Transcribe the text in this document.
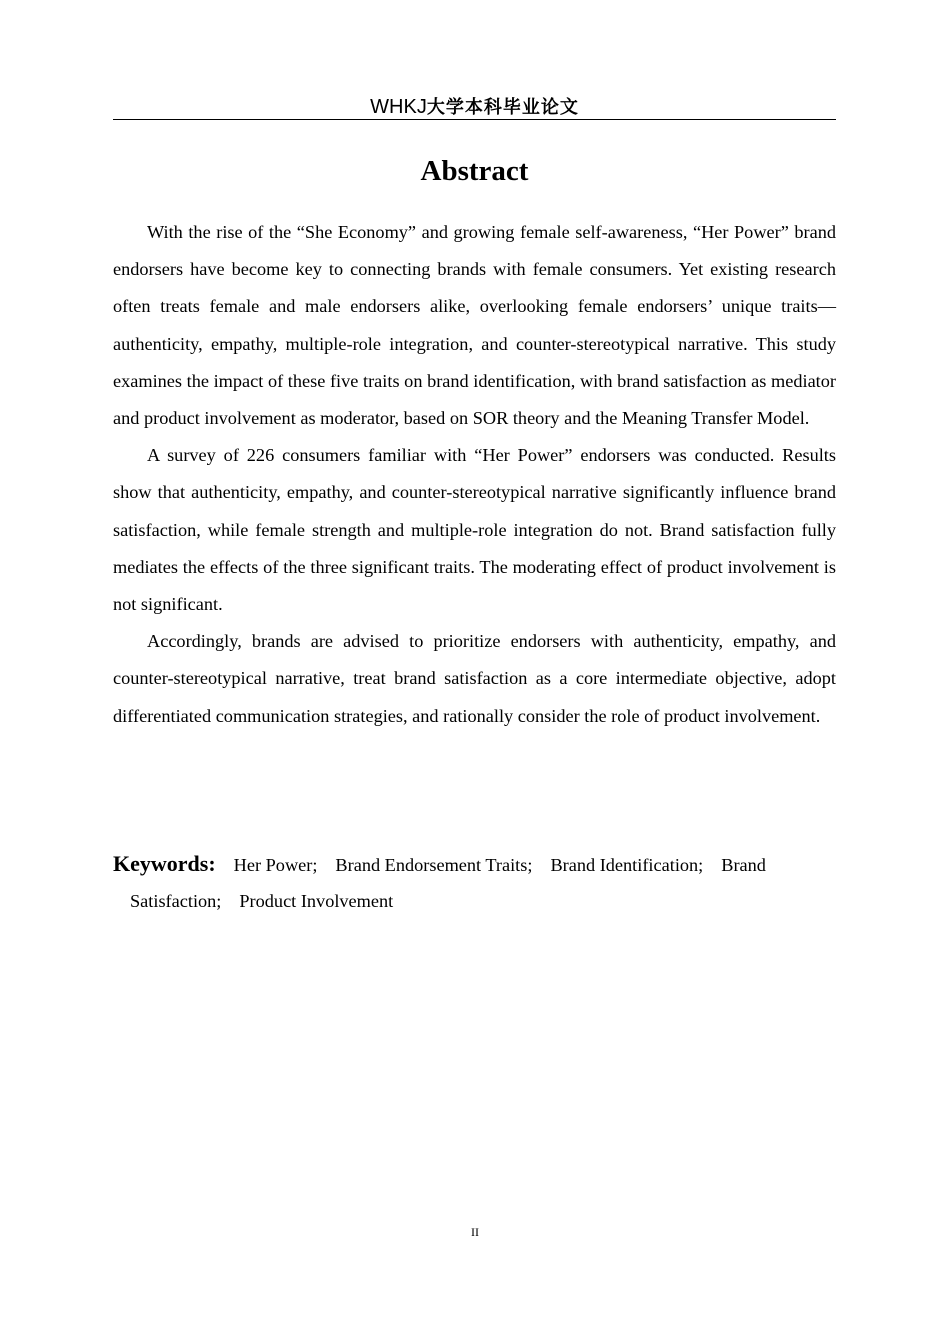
WHKJ大学本科毕业论文
Abstract

With the rise of the “She Economy” and growing female self-awareness, “Her Power” brand endorsers have become key to connecting brands with female consumers. Yet existing research often treats female and male endorsers alike, overlooking female endorsers’ unique traits—authenticity, empathy, multiple-role integration, and counter-stereotypical narrative. This study examines the impact of these five traits on brand identification, with brand satisfaction as mediator and product involvement as moderator, based on SOR theory and the Meaning Transfer Model.

A survey of 226 consumers familiar with “Her Power” endorsers was conducted. Results show that authenticity, empathy, and counter-stereotypical narrative significantly influence brand satisfaction, while female strength and multiple-role integration do not. Brand satisfaction fully mediates the effects of the three significant traits. The moderating effect of product involvement is not significant.

Accordingly, brands are advised to prioritize endorsers with authenticity, empathy, and counter-stereotypical narrative, treat brand satisfaction as a core intermediate objective, adopt differentiated communication strategies, and rationally consider the role of product involvement.

Keywords: Her Power; Brand Endorsement Traits; Brand Identification; Brand
Satisfaction; Product Involvement
II
